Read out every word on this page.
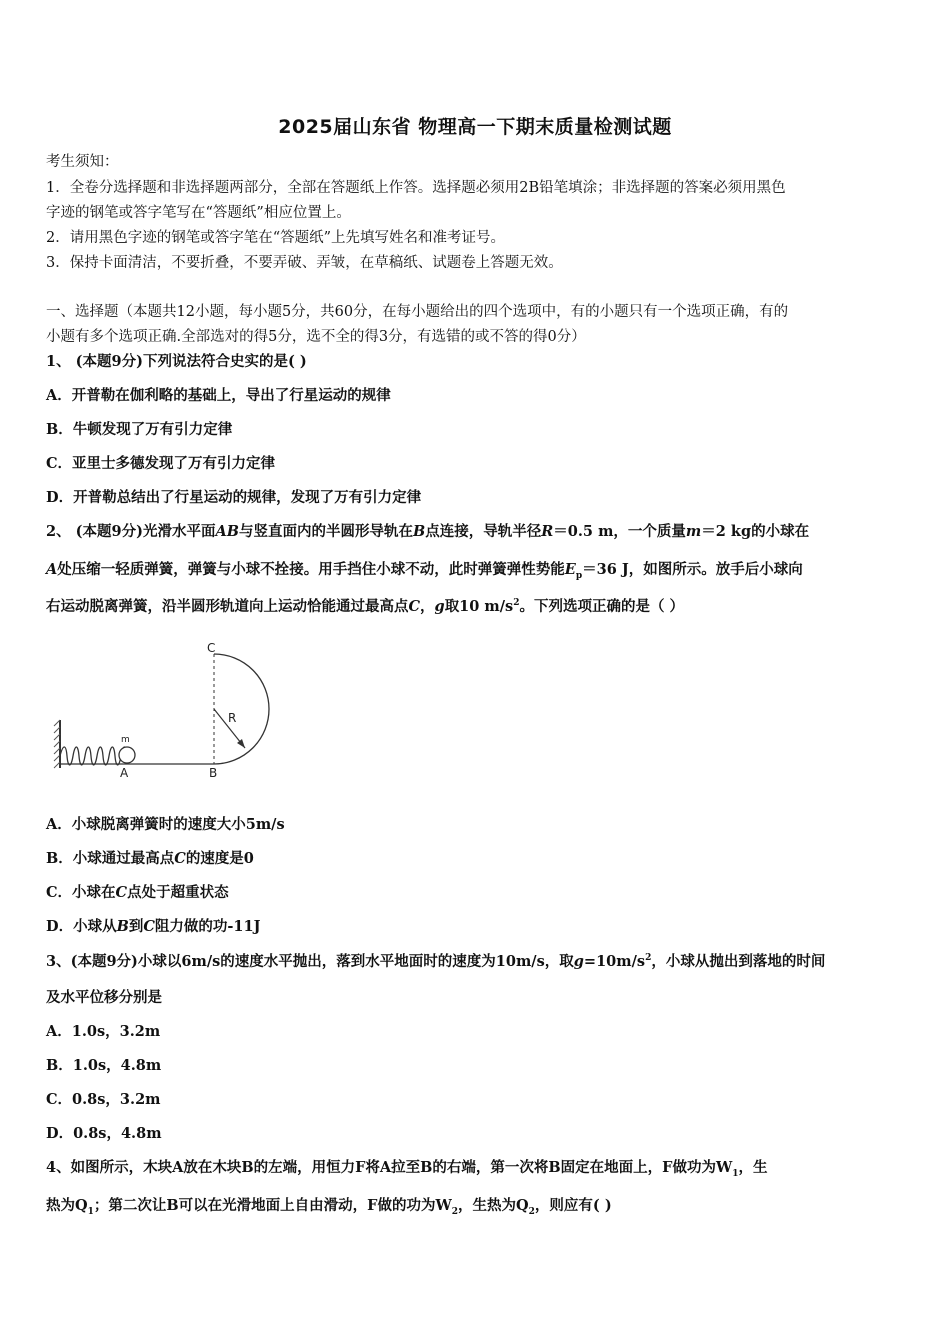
2025届山东省 物理高一下期末质量检测试题
考生须知：
1．全卷分选择题和非选择题两部分，全部在答题纸上作答。选择题必须用2B铅笔填涂；非选择题的答案必须用黑色
字迹的钢笔或答字笔写在“答题纸”相应位置上。
2．请用黑色字迹的钢笔或答字笔在“答题纸”上先填写姓名和准考证号。
3．保持卡面清洁，不要折叠，不要弄破、弄皱，在草稿纸、试题卷上答题无效。
一、选择题（本题共12小题，每小题5分，共60分，在每小题给出的四个选项中，有的小题只有一个选项正确，有的
小题有多个选项正确.全部选对的得5分，选不全的得3分，有选错的或不答的得0分）
1、 (本题9分)下列说法符合史实的是( )
A．开普勒在伽利略的基础上，导出了行星运动的规律
B．牛顿发现了万有引力定律
C．亚里士多德发现了万有引力定律
D．开普勒总结出了行星运动的规律，发现了万有引力定律
2、 (本题9分)光滑水平面AB与竖直面内的半圆形导轨在B点连接，导轨半径R＝0.5 m，一个质量m＝2 kg的小球在
A处压缩一轻质弹簧，弹簧与小球不拴接。用手挡住小球不动，此时弹簧弹性势能$E_p=36$ J，如图所示。放手后小球向
右运动脱离弹簧，沿半圆形轨道向上运动恰能通过最高点C，g取10 $m/s^2$。下列选项正确的是（ ）
C
R
m
A	B
A．小球脱离弹簧时的速度大小5m/s
B．小球通过最高点C的速度是0
C．小球在C点处于超重状态
D．小球从B到C阻力做的功-11J
3、(本题9分)小球以6m/s的速度水平抛出，落到水平地面时的速度为10m/s，取$g=10m/s^2$，小球从抛出到落地的时间
及水平位移分别是
A．1.0s，3.2m
B．1.0s，4.8m
C．0.8s，3.2m
D．0.8s，4.8m
4、如图所示，木块A放在木块B的左端，用恒力F将A拉至B的右端，第一次将B固定在地面上，F做功为$W_1$，生
热为$Q_1$；第二次让B可以在光滑地面上自由滑动，F做的功为$W_2$，生热为$Q_2$，则应有( )
